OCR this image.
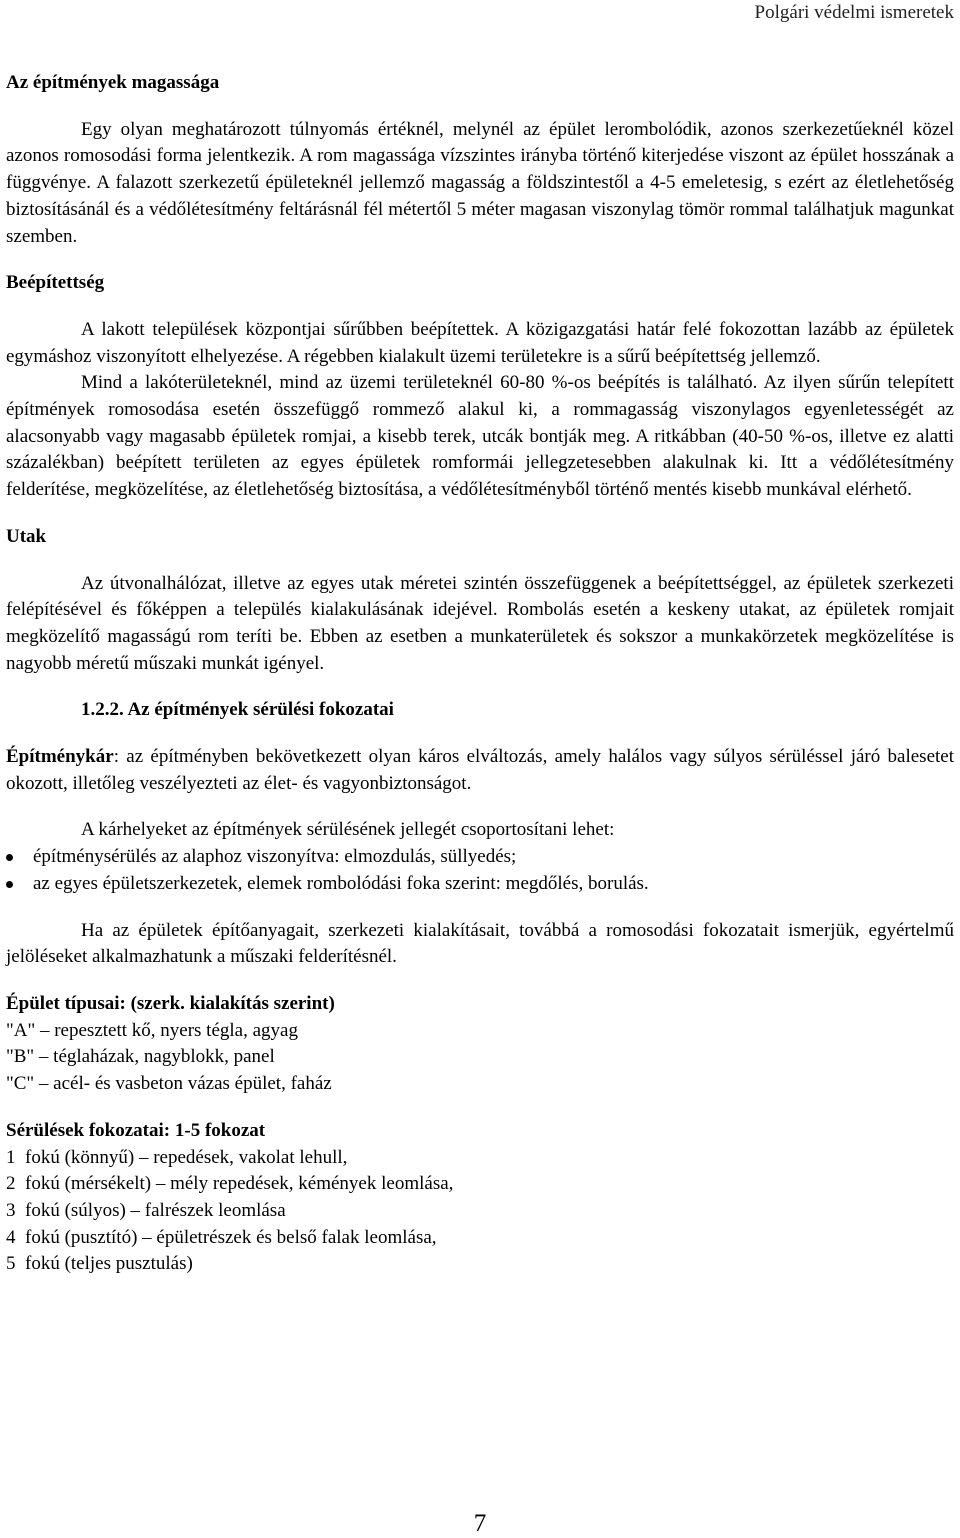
Polgári védelmi ismeretek

Az építmények magassága

Egy olyan meghatározott túlnyomás értéknél, melynél az épület lerombolódik, azonos szerkezetűeknél közel azonos romosodási forma jelentkezik. A rom magassága vízszintes irányba történő kiterjedése viszont az épület hosszának a függvénye. A falazott szerkezetű épületeknél jellemző magasság a földszintestől a 4-5 emeletesig, s ezért az életlehetőség biztosításánál és a védőlétesítmény feltárásnál fél métertől 5 méter magasan viszonylag tömör rommal találhatjuk magunkat szemben.

Beépítettség

A lakott települések központjai sűrűbben beépítettek. A közigazgatási határ felé fokozottan lazább az épületek egymáshoz viszonyított elhelyezése. A régebben kialakult üzemi területekre is a sűrű beépítettség jellemző.

Mind a lakóterületeknél, mind az üzemi területeknél 60-80 %-os beépítés is található. Az ilyen sűrűn telepített építmények romosodása esetén összefüggő rommező alakul ki, a rommagasság viszonylagos egyenletességét az alacsonyabb vagy magasabb épületek romjai, a kisebb terek, utcák bontják meg. A ritkábban (40-50 %-os, illetve ez alatti százalékban) beépített területen az egyes épületek romformái jellegzetesebben alakulnak ki. Itt a védőlétesítmény felderítése, megközelítése, az életlehetőség biztosítása, a védőlétesítményből történő mentés kisebb munkával elérhető.

Utak

Az útvonalhálózat, illetve az egyes utak méretei szintén összefüggenek a beépítettséggel, az épületek szerkezeti felépítésével és főképpen a település kialakulásának idejével. Rombolás esetén a keskeny utakat, az épületek romjait megközelítő magasságú rom teríti be. Ebben az esetben a munkaterületek és sokszor a munkakörzetek megközelítése is nagyobb méretű műszaki munkát igényel.

1.2.2. Az építmények sérülési fokozatai

Építménykár: az építményben bekövetkezett olyan káros elváltozás, amely halálos vagy súlyos sérüléssel járó balesetet okozott, illetőleg veszélyezteti az élet- és vagyonbiztonságot.

A kárhelyeket az építmények sérülésének jellegét csoportosítani lehet:

építménysérülés az alaphoz viszonyítva: elmozdulás, süllyedés;
az egyes épületszerkezetek, elemek rombolódási foka szerint: megdőlés, borulás.

Ha az épületek építőanyagait, szerkezeti kialakításait, továbbá a romosodási fokozatait ismerjük, egyértelmű jelöléseket alkalmazhatunk a műszaki felderítésnél.

Épület típusai: (szerk. kialakítás szerint)

"A" – repesztett kő, nyers tégla, agyag

"B" – téglaházak, nagyblokk, panel

"C" – acél- és vasbeton vázas épület, faház

Sérülések fokozatai: 1-5 fokozat

1  fokú (könnyű) – repedések, vakolat lehull,

2  fokú (mérsékelt) – mély repedések, kémények leomlása,

3  fokú (súlyos) – falrészek leomlása

4  fokú (pusztító) – épületrészek és belső falak leomlása,

5  fokú (teljes pusztulás)

7
